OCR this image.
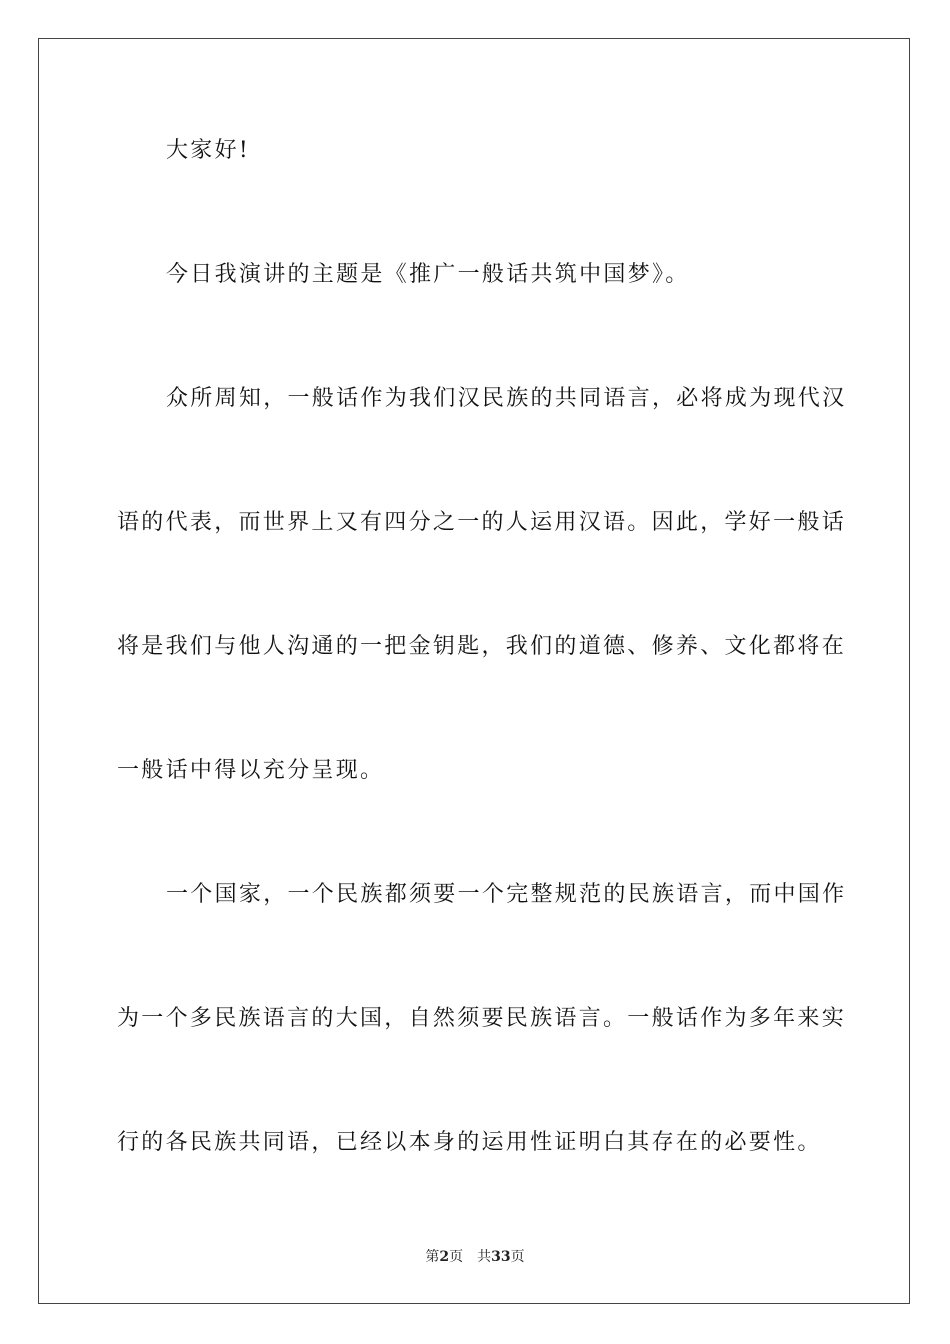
大家好!
今日我演讲的主题是《推广一般话共筑中国梦》。
众所周知，一般话作为我们汉民族的共同语言，必将成为现代汉
语的代表，而世界上又有四分之一的人运用汉语。因此，学好一般话
将是我们与他人沟通的一把金钥匙，我们的道德、修养、文化都将在
一般话中得以充分呈现。
一个国家，一个民族都须要一个完整规范的民族语言，而中国作
为一个多民族语言的大国，自然须要民族语言。一般话作为多年来实
行的各民族共同语，已经以本身的运用性证明白其存在的必要性。
第2页 共33页
